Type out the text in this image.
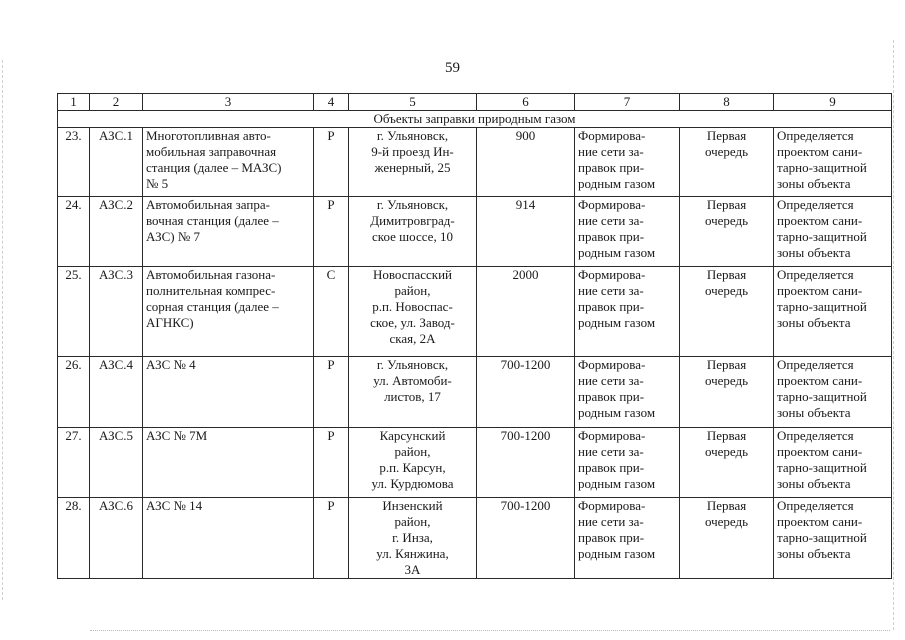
59
1	2	3	4	5	6	7	8	9
Объекты заправки природным газом								
23.	АЗС.1	Многотопливная авто-
мобильная заправочная
станция (далее – МАЗС)
№ 5	Р	г. Ульяновск,
9-й проезд Ин-
женерный, 25	900	Формирова-
ние сети за-
правок при-
родным газом	Первая
очередь	Определяется
проектом сани-
тарно-защитной
зоны объекта

24.	АЗС.2	Автомобильная запра-
вочная станция (далее –
АЗС) № 7	Р	г. Ульяновск,
Димитровград-
ское шоссе, 10	914	Формирова-
ние сети за-
правок при-
родным газом	Первая
очередь	Определяется
проектом сани-
тарно-защитной
зоны объекта

25.	АЗС.3	Автомобильная газона-
полнительная компрес-
сорная станция (далее –
АГНКС)	С	Новоспасский
район,
р.п. Новоспас-
ское, ул. Завод-
ская, 2А	2000	Формирова-
ние сети за-
правок при-
родным газом	Первая
очередь	Определяется
проектом сани-
тарно-защитной
зоны объекта

26.	АЗС.4	АЗС № 4	Р	г. Ульяновск,
ул. Автомоби-
листов, 17	700-1200	Формирова-
ние сети за-
правок при-
родным газом	Первая
очередь	Определяется
проектом сани-
тарно-защитной
зоны объекта

27.	АЗС.5	АЗС № 7М	Р	Карсунский
район,
р.п. Карсун,
ул. Курдюмова	700-1200	Формирова-
ние сети за-
правок при-
родным газом	Первая
очередь	Определяется
проектом сани-
тарно-защитной
зоны объекта

28.	АЗС.6	АЗС № 14	Р	Инзенский
район,
г. Инза,
ул. Кянжина,
3А	700-1200	Формирова-
ние сети за-
правок при-
родным газом	Первая
очередь	Определяется
проектом сани-
тарно-защитной
зоны объекта
